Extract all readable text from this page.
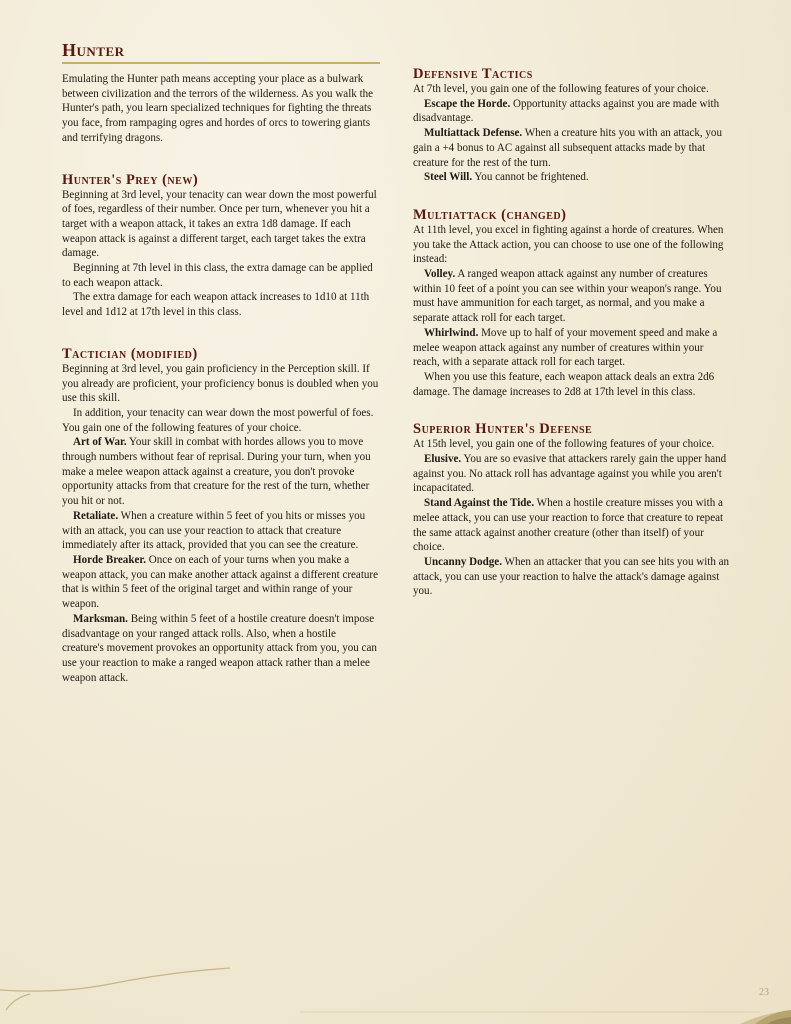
Hunter

Emulating the Hunter path means accepting your place as a bulwark between civilization and the terrors of the wilderness. As you walk the Hunter's path, you learn specialized techniques for fighting the threats you face, from rampaging ogres and hordes of orcs to towering giants and terrifying dragons.

Hunter's Prey (new)

Beginning at 3rd level, your tenacity can wear down the most powerful of foes, regardless of their number. Once per turn, whenever you hit a target with a weapon attack, it takes an extra 1d8 damage. If each weapon attack is against a different target, each target takes the extra damage.

Beginning at 7th level in this class, the extra damage can be applied to each weapon attack.

The extra damage for each weapon attack increases to 1d10 at 11th level and 1d12 at 17th level in this class.

Tactician (modified)

Beginning at 3rd level, you gain proficiency in the Perception skill. If you already are proficient, your proficiency bonus is doubled when you use this skill.

In addition, your tenacity can wear down the most powerful of foes. You gain one of the following features of your choice.

Art of War. Your skill in combat with hordes allows you to move through numbers without fear of reprisal. During your turn, when you make a melee weapon attack against a creature, you don't provoke opportunity attacks from that creature for the rest of the turn, whether you hit or not.

Retaliate. When a creature within 5 feet of you hits or misses you with an attack, you can use your reaction to attack that creature immediately after its attack, provided that you can see the creature.

Horde Breaker. Once on each of your turns when you make a weapon attack, you can make another attack against a different creature that is within 5 feet of the original target and within range of your weapon.

Marksman. Being within 5 feet of a hostile creature doesn't impose disadvantage on your ranged attack rolls. Also, when a hostile creature's movement provokes an opportunity attack from you, you can use your reaction to make a ranged weapon attack rather than a melee weapon attack.

Defensive Tactics

At 7th level, you gain one of the following features of your choice.

Escape the Horde. Opportunity attacks against you are made with disadvantage.

Multiattack Defense. When a creature hits you with an attack, you gain a +4 bonus to AC against all subsequent attacks made by that creature for the rest of the turn.

Steel Will. You cannot be frightened.

Multiattack (changed)

At 11th level, you excel in fighting against a horde of creatures. When you take the Attack action, you can choose to use one of the following instead:

Volley. A ranged weapon attack against any number of creatures within 10 feet of a point you can see within your weapon's range. You must have ammunition for each target, as normal, and you make a separate attack roll for each target.

Whirlwind. Move up to half of your movement speed and make a melee weapon attack against any number of creatures within your reach, with a separate attack roll for each target.

When you use this feature, each weapon attack deals an extra 2d6 damage. The damage increases to 2d8 at 17th level in this class.

Superior Hunter's Defense

At 15th level, you gain one of the following features of your choice.

Elusive. You are so evasive that attackers rarely gain the upper hand against you. No attack roll has advantage against you while you aren't incapacitated.

Stand Against the Tide. When a hostile creature misses you with a melee attack, you can use your reaction to force that creature to repeat the same attack against another creature (other than itself) of your choice.

Uncanny Dodge. When an attacker that you can see hits you with an attack, you can use your reaction to halve the attack's damage against you.

23
